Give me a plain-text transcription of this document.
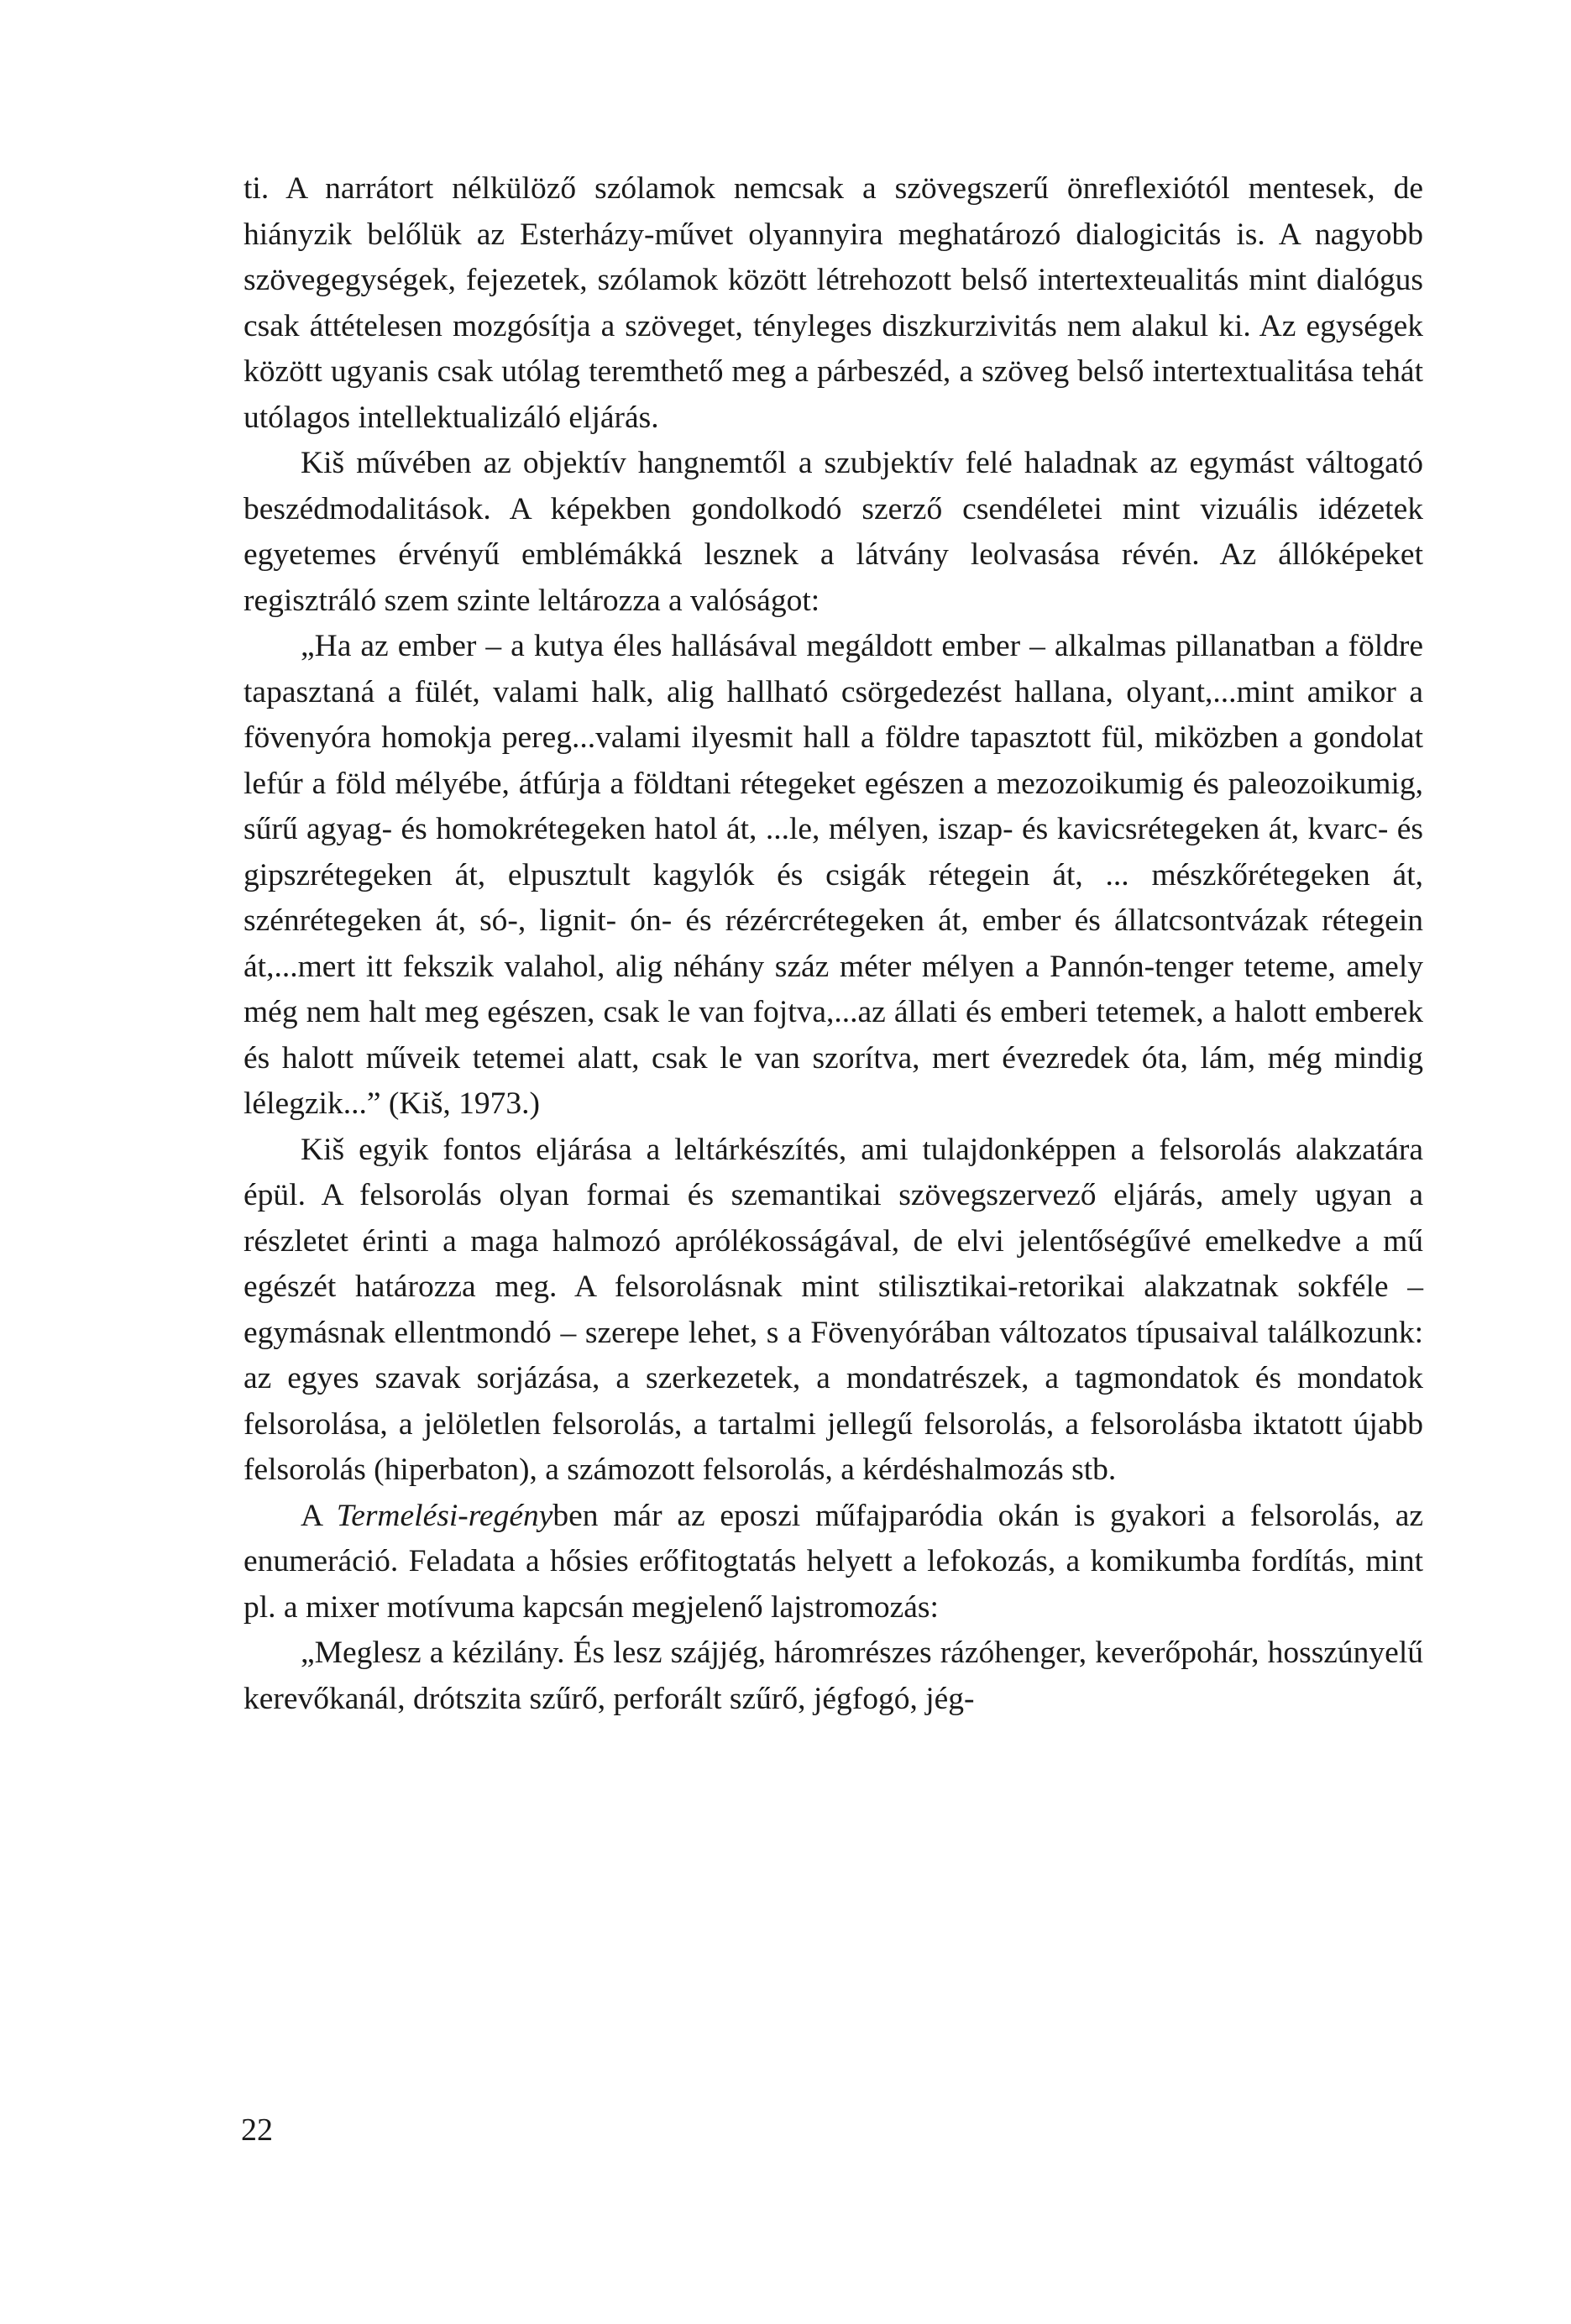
ti. A narrátort nélkülöző szólamok nemcsak a szövegszerű önreflexiótól mentesek, de hiányzik belőlük az Esterházy-művet olyannyira meghatározó dialogicitás is. A nagyobb szövegegységek, fejezetek, szólamok között létrehozott belső intertexteualitás mint dialógus csak áttételesen mozgósítja a szöveget, tényleges diszkurzivitás nem alakul ki. Az egységek között ugyanis csak utólag teremthető meg a párbeszéd, a szöveg belső intertextualitása tehát utólagos intellektualizáló eljárás.

Kiš művében az objektív hangnemtől a szubjektív felé haladnak az egymást váltogató beszédmodalitások. A képekben gondolkodó szerző csendéletei mint vizuális idézetek egyetemes érvényű emblémákká lesznek a látvány leolvasása révén. Az állóképeket regisztráló szem szinte leltározza a valóságot:

„Ha az ember – a kutya éles hallásával megáldott ember – alkalmas pillanatban a földre tapasztaná a fülét, valami halk, alig hallható csörgedezést hallana, olyant,...mint amikor a fövenyóra homokja pereg...valami ilyesmit hall a földre tapasztott fül, miközben a gondolat lefúr a föld mélyébe, átfúrja a földtani rétegeket egészen a mezozoikumig és paleozoikumig, sűrű agyag- és homokrétegeken hatol át, ...le, mélyen, iszap- és kavicsrétegeken át, kvarc- és gipszrétegeken át, elpusztult kagylók és csigák rétegein át, ... mészkőrétegeken át, szénrétegeken át, só-, lignit- ón- és rézércrétegeken át, ember és állatcsontvázak rétegein át,...mert itt fekszik valahol, alig néhány száz méter mélyen a Pannón-tenger teteme, amely még nem halt meg egészen, csak le van fojtva,...az állati és emberi tetemek, a halott emberek és halott műveik tetemei alatt, csak le van szorítva, mert évezredek óta, lám, még mindig lélegzik...” (Kiš, 1973.)

Kiš egyik fontos eljárása a leltárkészítés, ami tulajdonképpen a felsorolás alakzatára épül. A felsorolás olyan formai és szemantikai szövegszervező eljárás, amely ugyan a részletet érinti a maga halmozó aprólékosságával, de elvi jelentőségűvé emelkedve a mű egészét határozza meg. A felsorolásnak mint stilisztikai-retorikai alakzatnak sokféle – egymásnak ellentmondó – szerepe lehet, s a Fövenyórában változatos típusaival találkozunk: az egyes szavak sorjázása, a szerkezetek, a mondatrészek, a tagmondatok és mondatok felsorolása, a jelöletlen felsorolás, a tartalmi jellegű felsorolás, a felsorolásba iktatott újabb felsorolás (hiperbaton), a számozott felsorolás, a kérdéshalmozás stb.

A Termelési-regényben már az eposzi műfajparódia okán is gyakori a felsorolás, az enumeráció. Feladata a hősies erőfitogtatás helyett a lefokozás, a komikumba fordítás, mint pl. a mixer motívuma kapcsán megjelenő lajstromozás:

„Meglesz a kézilány. És lesz szájjég, háromrészes rázóhenger, keverőpohár, hosszúnyelű kerevőkanál, drótszita szűrő, perforált szűrő, jégfogó, jég-

22
